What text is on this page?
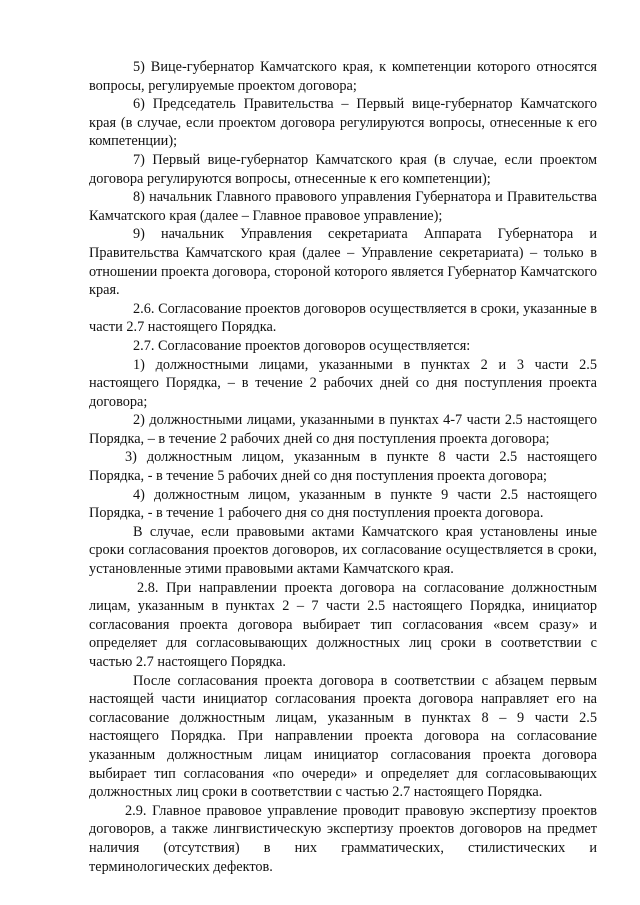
5) Вице-губернатор Камчатского края, к компетенции которого относятся вопросы, регулируемые проектом договора;

6) Председатель Правительства – Первый вице-губернатор Камчатского края (в случае, если проектом договора регулируются вопросы, отнесенные к его компетенции);

7) Первый вице-губернатор Камчатского края (в случае, если проектом договора регулируются вопросы, отнесенные к его компетенции);

8) начальник Главного правового управления Губернатора и Правительства Камчатского края (далее – Главное правовое управление);

9) начальник Управления секретариата Аппарата Губернатора и Правительства Камчатского края (далее – Управление секретариата) – только в отношении проекта договора, стороной которого является Губернатор Камчатского края.

2.6. Согласование проектов договоров осуществляется в сроки, указанные в части 2.7 настоящего Порядка.

2.7. Согласование проектов договоров осуществляется:

1) должностными лицами, указанными в пунктах 2 и 3 части 2.5 настоящего Порядка, – в течение 2 рабочих дней со дня поступления проекта договора;

2) должностными лицами, указанными в пунктах 4-7 части 2.5 настоящего Порядка, – в течение 2 рабочих дней со дня поступления проекта договора;

3) должностным лицом, указанным в пункте 8 части 2.5 настоящего Порядка, - в течение 5 рабочих дней со дня поступления проекта договора;

4) должностным лицом, указанным в пункте 9 части 2.5 настоящего Порядка, - в течение 1 рабочего дня со дня поступления проекта договора.

В случае, если правовыми актами Камчатского края установлены иные сроки согласования проектов договоров, их согласование осуществляется в сроки, установленные этими правовыми актами Камчатского края.

2.8. При направлении проекта договора на согласование должностным лицам, указанным в пунктах 2 – 7 части 2.5 настоящего Порядка, инициатор согласования проекта договора выбирает тип согласования «всем сразу» и определяет для согласовывающих должностных лиц сроки в соответствии с частью 2.7 настоящего Порядка.

После согласования проекта договора в соответствии с абзацем первым настоящей части инициатор согласования проекта договора направляет его на согласование должностным лицам, указанным в пунктах 8 – 9 части 2.5 настоящего Порядка. При направлении проекта договора на согласование указанным должностным лицам инициатор согласования проекта договора выбирает тип согласования «по очереди» и определяет для согласовывающих должностных лиц сроки в соответствии с частью 2.7 настоящего Порядка.

2.9. Главное правовое управление проводит правовую экспертизу проектов договоров, а также лингвистическую экспертизу проектов договоров на предмет наличия (отсутствия) в них грамматических, стилистических и терминологических дефектов.
